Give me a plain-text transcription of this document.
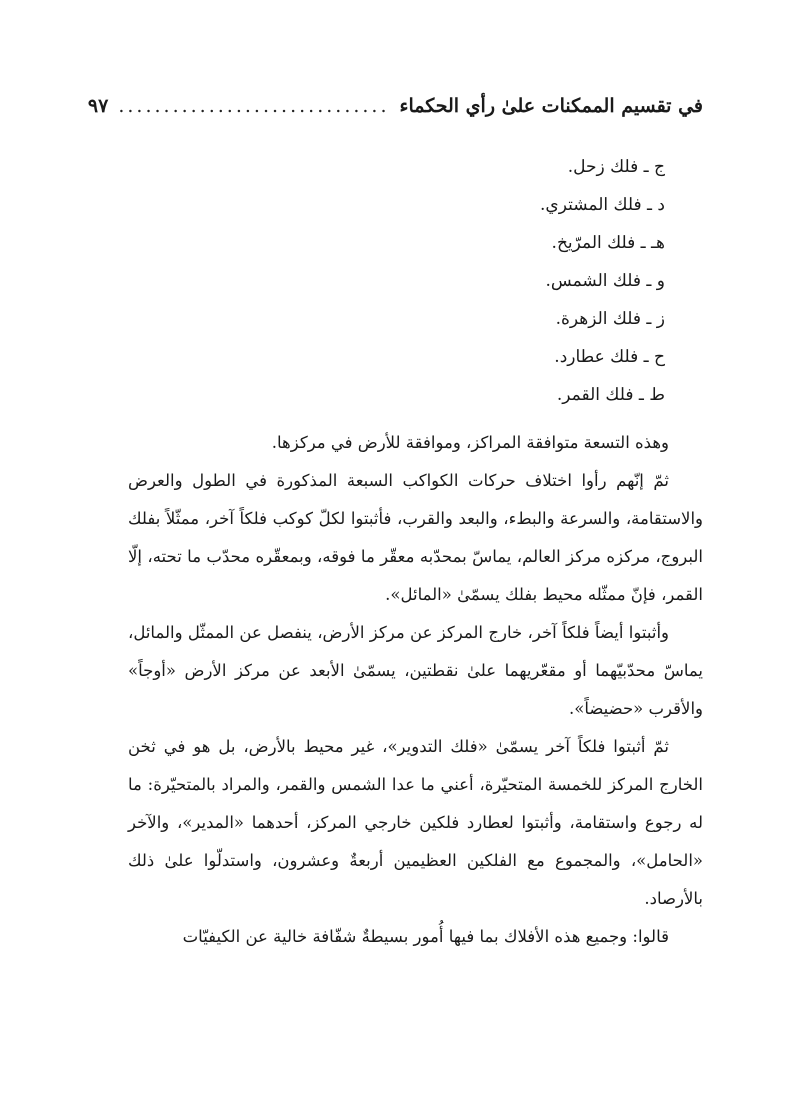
في تقسيم الممكنات علىٰ رأي الحكماء
..............................
٩٧
ج ـ فلك زحل.
د ـ فلك المشتري.
هـ ـ فلك المرّيخ.
و ـ فلك الشمس.
ز ـ فلك الزهرة.
ح ـ فلك عطارد.
ط ـ فلك القمر.

وهذه التسعة متوافقة المراكز، وموافقة للأرض في مركزها.

ثمّ إنّهم رأوا اختلاف حركات الكواكب السبعة المذكورة في الطول والعرض والاستقامة، والسرعة والبطء، والبعد والقرب، فأثبتوا لكلّ كوكب فلكاً آخر، ممثّلاً بفلك البروج، مركزه مركز العالم، يماسّ بمحدّبه معقّر ما فوقه، وبمعقّره محدّب ما تحته، إلّا القمر، فإنّ ممثّله محيط بفلك يسمّىٰ «المائل».

وأثبتوا أيضاً فلكاً آخر، خارج المركز عن مركز الأرض، ينفصل عن الممثّل والمائل، يماسّ محدّبيّهما أو مقعّريهما علىٰ نقطتين، يسمّىٰ الأبعد عن مركز الأرض «أوجاً» والأقرب «حضيضاً».

ثمّ أثبتوا فلكاً آخر يسمّىٰ «فلك التدوير»، غير محيط بالأرض، بل هو في ثخن الخارج المركز للخمسة المتحيّرة، أعني ما عدا الشمس والقمر، والمراد بالمتحيّرة: ما له رجوع واستقامة، وأثبتوا لعطارد فلكين خارجي المركز، أحدهما «المدير»، والآخر «الحامل»، والمجموع مع الفلكين العظيمين أربعةٌ وعشرون، واستدلّوا علىٰ ذلك بالأرصاد.

قالوا: وجميع هذه الأفلاك بما فيها أُمور بسيطةٌ شفّافة خالية عن الكيفيّات
